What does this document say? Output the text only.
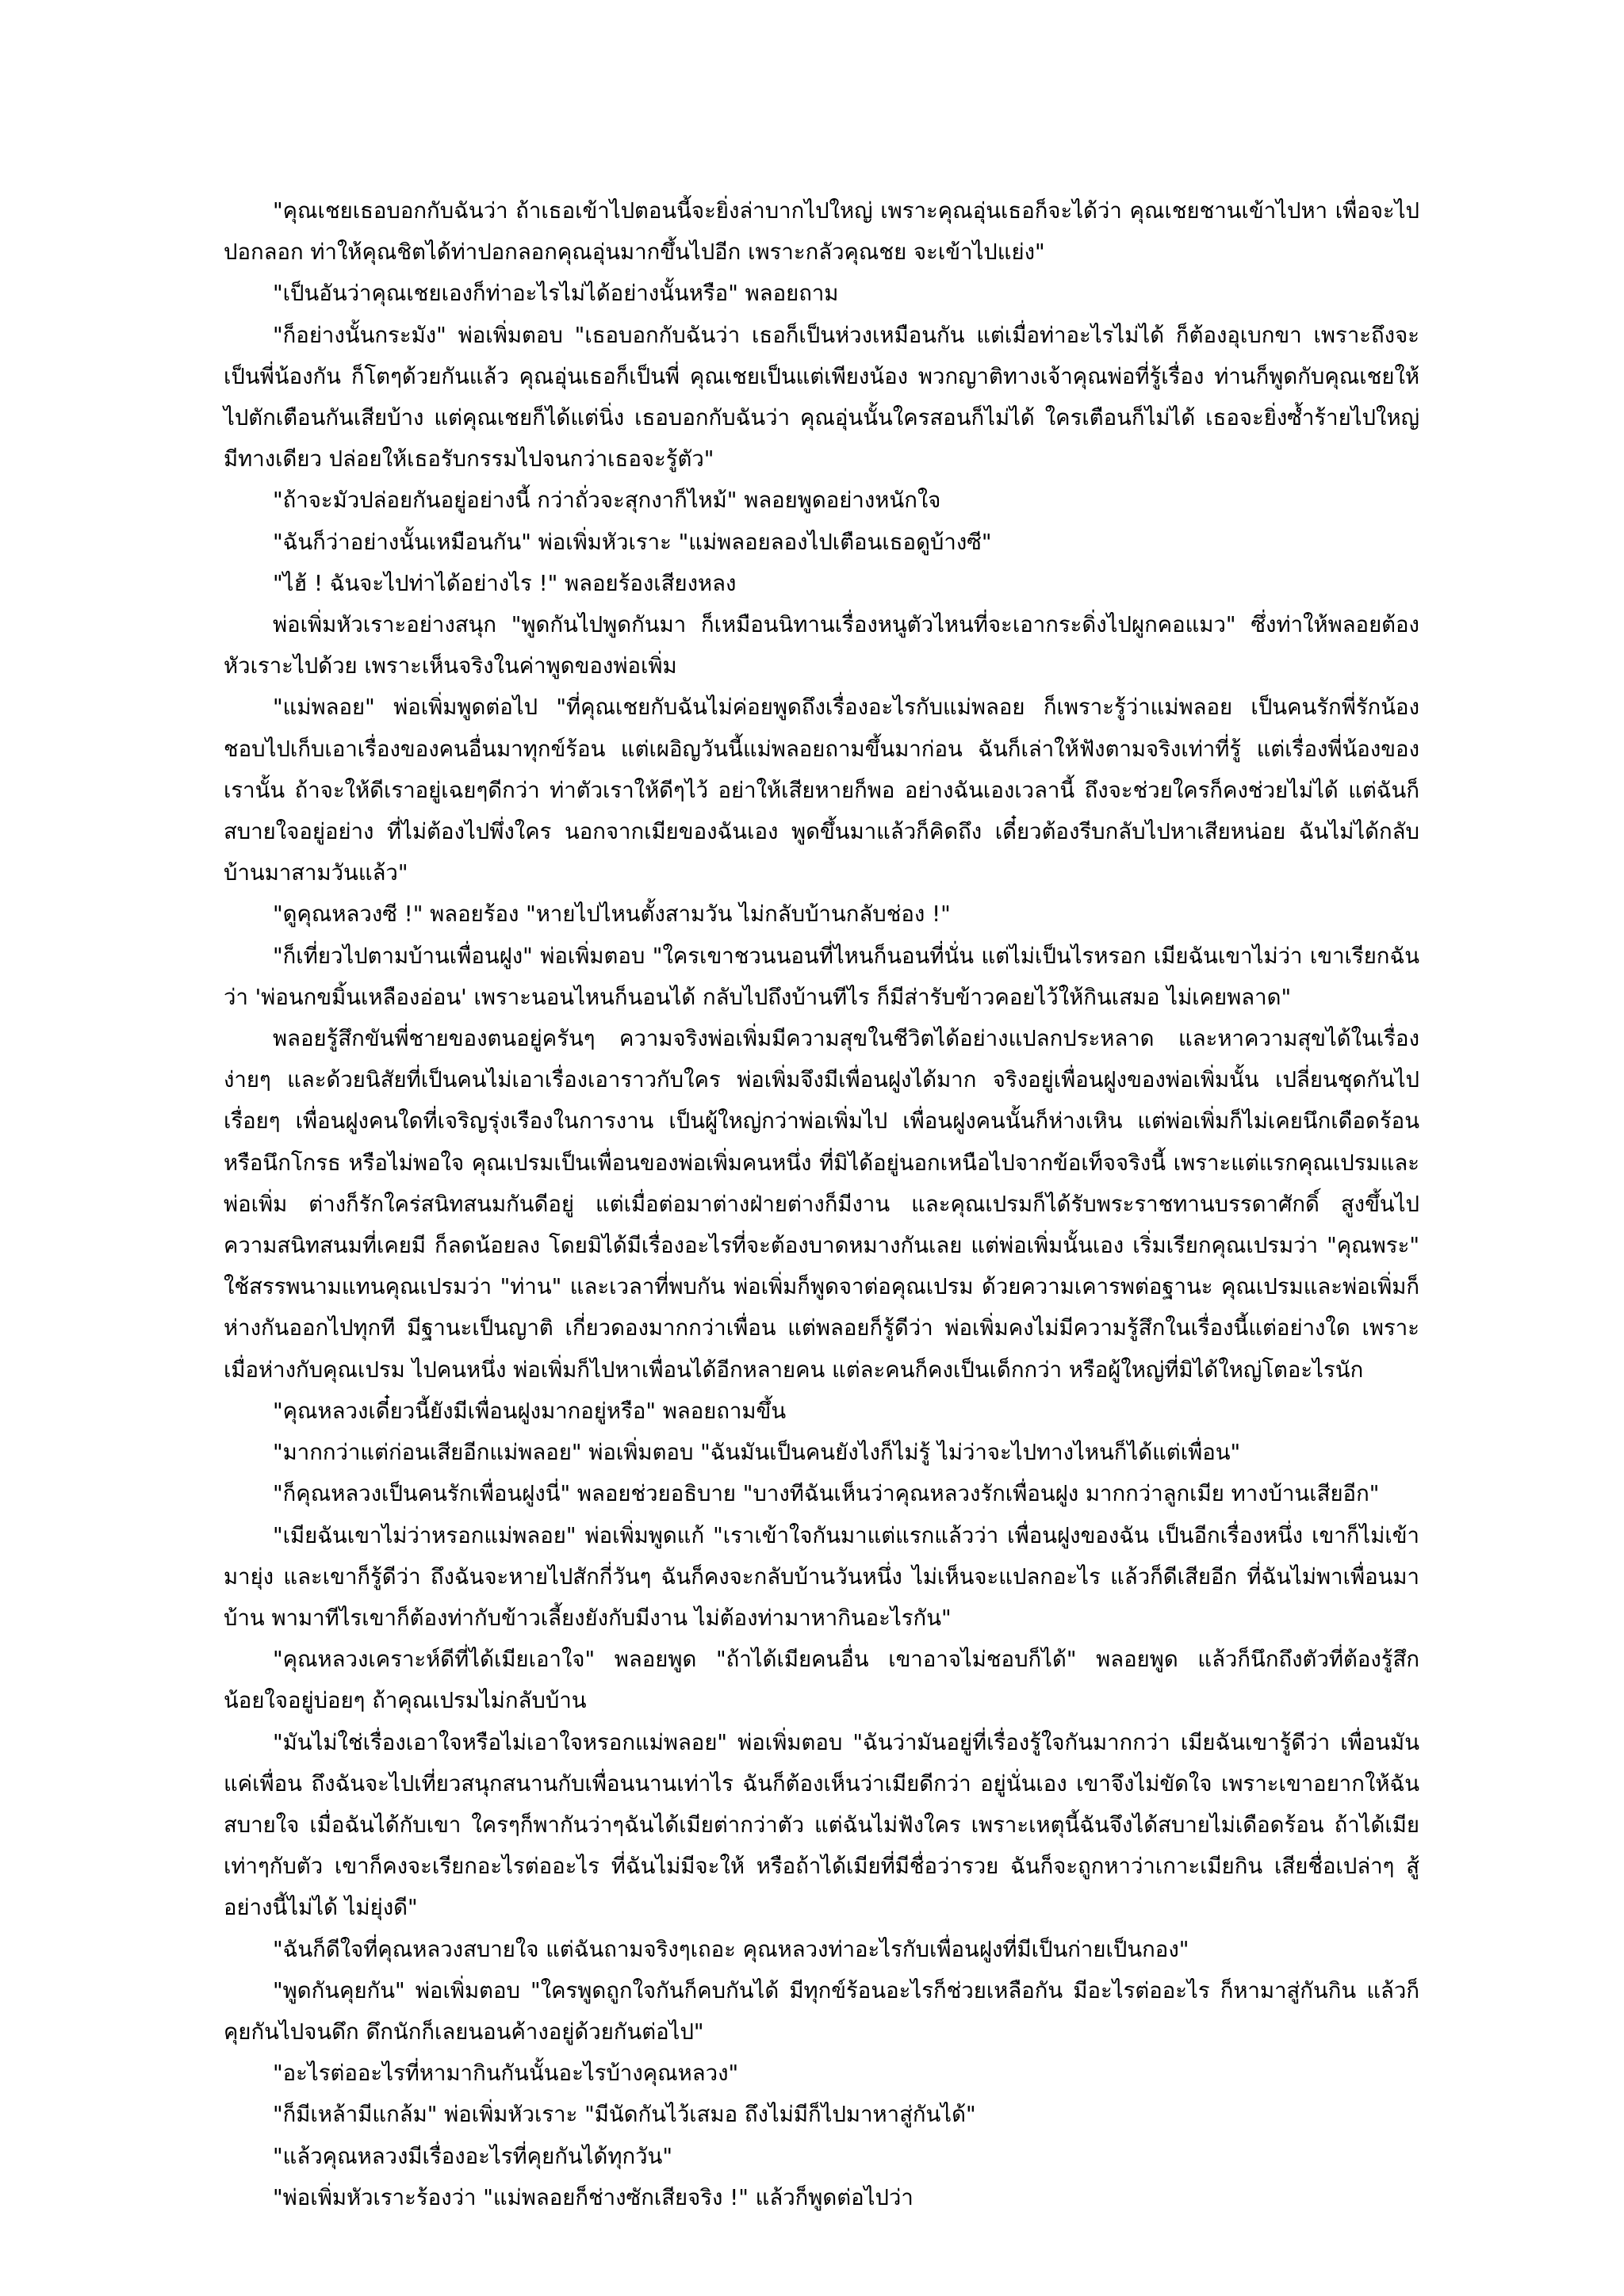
"คุณเชยเธอบอกกับฉันว่า ถ้าเธอเข้าไปตอนนี้จะยิ่งล่าบากไปใหญ่ เพราะคุณอุ่นเธอก็จะได้ว่า คุณเชยชานเข้าไปหา เพื่อจะไปปอกลอก ท่าให้คุณชิตได้ท่าปอกลอกคุณอุ่นมากขึ้นไปอีก เพราะกลัวคุณชย จะเข้าไปแย่ง"

"เป็นอันว่าคุณเชยเองก็ท่าอะไรไม่ได้อย่างนั้นหรือ" พลอยถาม

"ก็อย่างนั้นกระมัง" พ่อเพิ่มตอบ "เธอบอกกับฉันว่า เธอก็เป็นห่วงเหมือนกัน แต่เมื่อท่าอะไรไม่ได้ ก็ต้องอุเบกขา เพราะถึงจะเป็นพี่น้องกัน ก็โตๆด้วยกันแล้ว คุณอุ่นเธอก็เป็นพี่ คุณเชยเป็นแต่เพียงน้อง พวกญาติทางเจ้าคุณพ่อที่รู้เรื่อง ท่านก็พูดกับคุณเชยให้ไปตักเตือนกันเสียบ้าง แต่คุณเชยก็ได้แต่นิ่ง เธอบอกกับฉันว่า คุณอุ่นนั้นใครสอนก็ไม่ได้ ใครเตือนก็ไม่ได้ เธอจะยิ่งซ้ำร้ายไปใหญ่ มีทางเดียว ปล่อยให้เธอรับกรรมไปจนกว่าเธอจะรู้ตัว"

"ถ้าจะมัวปล่อยกันอยู่อย่างนี้ กว่าถั่วจะสุกงาก็ไหม้" พลอยพูดอย่างหนักใจ

"ฉันก็ว่าอย่างนั้นเหมือนกัน" พ่อเพิ่มหัวเราะ "แม่พลอยลองไปเตือนเธอดูบ้างซี"

"ไฮ้ ! ฉันจะไปท่าได้อย่างไร !" พลอยร้องเสียงหลง

พ่อเพิ่มหัวเราะอย่างสนุก "พูดกันไปพูดกันมา ก็เหมือนนิทานเรื่องหนูตัวไหนที่จะเอากระดิ่งไปผูกคอแมว" ซึ่งท่าให้พลอยต้องหัวเราะไปด้วย เพราะเห็นจริงในค่าพูดของพ่อเพิ่ม

"แม่พลอย" พ่อเพิ่มพูดต่อไป "ที่คุณเชยกับฉันไม่ค่อยพูดถึงเรื่องอะไรกับแม่พลอย ก็เพราะรู้ว่าแม่พลอย เป็นคนรักพี่รักน้อง ชอบไปเก็บเอาเรื่องของคนอื่นมาทุกข์ร้อน แต่เผอิญวันนี้แม่พลอยถามขึ้นมาก่อน ฉันก็เล่าให้ฟังตามจริงเท่าที่รู้ แต่เรื่องพี่น้องของเรานั้น ถ้าจะให้ดีเราอยู่เฉยๆดีกว่า ท่าตัวเราให้ดีๆไว้ อย่าให้เสียหายก็พอ อย่างฉันเองเวลานี้ ถึงจะช่วยใครก็คงช่วยไม่ได้ แต่ฉันก็สบายใจอยู่อย่าง ที่ไม่ต้องไปพึ่งใคร นอกจากเมียของฉันเอง พูดขึ้นมาแล้วก็คิดถึง เดี๋ยวต้องรีบกลับไปหาเสียหน่อย ฉันไม่ได้กลับบ้านมาสามวันแล้ว"

"ดูคุณหลวงซี !" พลอยร้อง "หายไปไหนตั้งสามวัน ไม่กลับบ้านกลับช่อง !"

"ก็เที่ยวไปตามบ้านเพื่อนฝูง" พ่อเพิ่มตอบ "ใครเขาชวนนอนที่ไหนก็นอนที่นั่น แต่ไม่เป็นไรหรอก เมียฉันเขาไม่ว่า เขาเรียกฉันว่า 'พ่อนกขมิ้นเหลืองอ่อน' เพราะนอนไหนก็นอนได้ กลับไปถึงบ้านทีไร ก็มีส่ารับข้าวคอยไว้ให้กินเสมอ ไม่เคยพลาด"

พลอยรู้สึกขันพี่ชายของตนอยู่ครันๆ ความจริงพ่อเพิ่มมีความสุขในชีวิตได้อย่างแปลกประหลาด และหาความสุขได้ในเรื่องง่ายๆ และด้วยนิสัยที่เป็นคนไม่เอาเรื่องเอาราวกับใคร พ่อเพิ่มจึงมีเพื่อนฝูงได้มาก จริงอยู่เพื่อนฝูงของพ่อเพิ่มนั้น เปลี่ยนชุดกันไปเรื่อยๆ เพื่อนฝูงคนใดที่เจริญรุ่งเรืองในการงาน เป็นผู้ใหญ่กว่าพ่อเพิ่มไป เพื่อนฝูงคนนั้นก็ห่างเหิน แต่พ่อเพิ่มก็ไม่เคยนึกเดือดร้อนหรือนึกโกรธ หรือไม่พอใจ คุณเปรมเป็นเพื่อนของพ่อเพิ่มคนหนึ่ง ที่มิได้อยู่นอกเหนือไปจากข้อเท็จจริงนี้ เพราะแต่แรกคุณเปรมและพ่อเพิ่ม ต่างก็รักใคร่สนิทสนมกันดีอยู่ แต่เมื่อต่อมาต่างฝ่ายต่างก็มีงาน และคุณเปรมก็ได้รับพระราชทานบรรดาศักดิ์ สูงขึ้นไป ความสนิทสนมที่เคยมี ก็ลดน้อยลง โดยมิได้มีเรื่องอะไรที่จะต้องบาดหมางกันเลย แต่พ่อเพิ่มนั้นเอง เริ่มเรียกคุณเปรมว่า "คุณพระ" ใช้สรรพนามแทนคุณเปรมว่า "ท่าน" และเวลาที่พบกัน พ่อเพิ่มก็พูดจาต่อคุณเปรม ด้วยความเคารพต่อฐานะ คุณเปรมและพ่อเพิ่มก็ห่างกันออกไปทุกที มีฐานะเป็นญาติ เกี่ยวดองมากกว่าเพื่อน แต่พลอยก็รู้ดีว่า พ่อเพิ่มคงไม่มีความรู้สึกในเรื่องนี้แต่อย่างใด เพราะเมื่อห่างกับคุณเปรม ไปคนหนึ่ง พ่อเพิ่มก็ไปหาเพื่อนได้อีกหลายคน แต่ละคนก็คงเป็นเด็กกว่า หรือผู้ใหญ่ที่มิได้ใหญ่โตอะไรนัก

"คุณหลวงเดี๋ยวนี้ยังมีเพื่อนฝูงมากอยู่หรือ" พลอยถามขึ้น

"มากกว่าแต่ก่อนเสียอีกแม่พลอย" พ่อเพิ่มตอบ "ฉันมันเป็นคนยังไงก็ไม่รู้ ไม่ว่าจะไปทางไหนก็ได้แต่เพื่อน"

"ก็คุณหลวงเป็นคนรักเพื่อนฝูงนี่" พลอยช่วยอธิบาย "บางทีฉันเห็นว่าคุณหลวงรักเพื่อนฝูง มากกว่าลูกเมีย ทางบ้านเสียอีก"

"เมียฉันเขาไม่ว่าหรอกแม่พลอย" พ่อเพิ่มพูดแก้ "เราเข้าใจกันมาแต่แรกแล้วว่า เพื่อนฝูงของฉัน เป็นอีกเรื่องหนึ่ง เขาก็ไม่เข้ามายุ่ง และเขาก็รู้ดีว่า ถึงฉันจะหายไปสักกี่วันๆ ฉันก็คงจะกลับบ้านวันหนึ่ง ไม่เห็นจะแปลกอะไร แล้วก็ดีเสียอีก ที่ฉันไม่พาเพื่อนมาบ้าน พามาทีไรเขาก็ต้องท่ากับข้าวเลี้ยงยังกับมีงาน ไม่ต้องท่ามาหากินอะไรกัน"

"คุณหลวงเคราะห์ดีที่ได้เมียเอาใจ" พลอยพูด "ถ้าได้เมียคนอื่น เขาอาจไม่ชอบก็ได้" พลอยพูด แล้วก็นึกถึงตัวที่ต้องรู้สึกน้อยใจอยู่บ่อยๆ ถ้าคุณเปรมไม่กลับบ้าน

"มันไม่ใช่เรื่องเอาใจหรือไม่เอาใจหรอกแม่พลอย" พ่อเพิ่มตอบ "ฉันว่ามันอยู่ที่เรื่องรู้ใจกันมากกว่า เมียฉันเขารู้ดีว่า เพื่อนมันแค่เพื่อน ถึงฉันจะไปเที่ยวสนุกสนานกับเพื่อนนานเท่าไร ฉันก็ต้องเห็นว่าเมียดีกว่า อยู่นั่นเอง เขาจึงไม่ขัดใจ เพราะเขาอยากให้ฉันสบายใจ เมื่อฉันได้กับเขา ใครๆก็พากันว่าๆฉันได้เมียต่ากว่าตัว แต่ฉันไม่ฟังใคร เพราะเหตุนี้ฉันจึงได้สบายไม่เดือดร้อน ถ้าได้เมียเท่าๆกับตัว เขาก็คงจะเรียกอะไรต่ออะไร ที่ฉันไม่มีจะให้ หรือถ้าได้เมียที่มีชื่อว่ารวย ฉันก็จะถูกหาว่าเกาะเมียกิน เสียชื่อเปล่าๆ สู้อย่างนี้ไม่ได้ ไม่ยุ่งดี"

"ฉันก็ดีใจที่คุณหลวงสบายใจ แต่ฉันถามจริงๆเถอะ คุณหลวงท่าอะไรกับเพื่อนฝูงที่มีเป็นก่ายเป็นกอง"

"พูดกันคุยกัน" พ่อเพิ่มตอบ "ใครพูดถูกใจกันก็คบกันได้ มีทุกข์ร้อนอะไรก็ช่วยเหลือกัน มีอะไรต่ออะไร ก็หามาสู่กันกิน แล้วก็คุยกันไปจนดึก ดึกนักก็เลยนอนค้างอยู่ด้วยกันต่อไป"

"อะไรต่ออะไรที่หามากินกันนั้นอะไรบ้างคุณหลวง"

"ก็มีเหล้ามีแกล้ม" พ่อเพิ่มหัวเราะ "มีนัดกันไว้เสมอ ถึงไม่มีก็ไปมาหาสู่กันได้"

"แล้วคุณหลวงมีเรื่องอะไรที่คุยกันได้ทุกวัน"

"พ่อเพิ่มหัวเราะร้องว่า "แม่พลอยก็ช่างซักเสียจริง !" แล้วก็พูดต่อไปว่า
